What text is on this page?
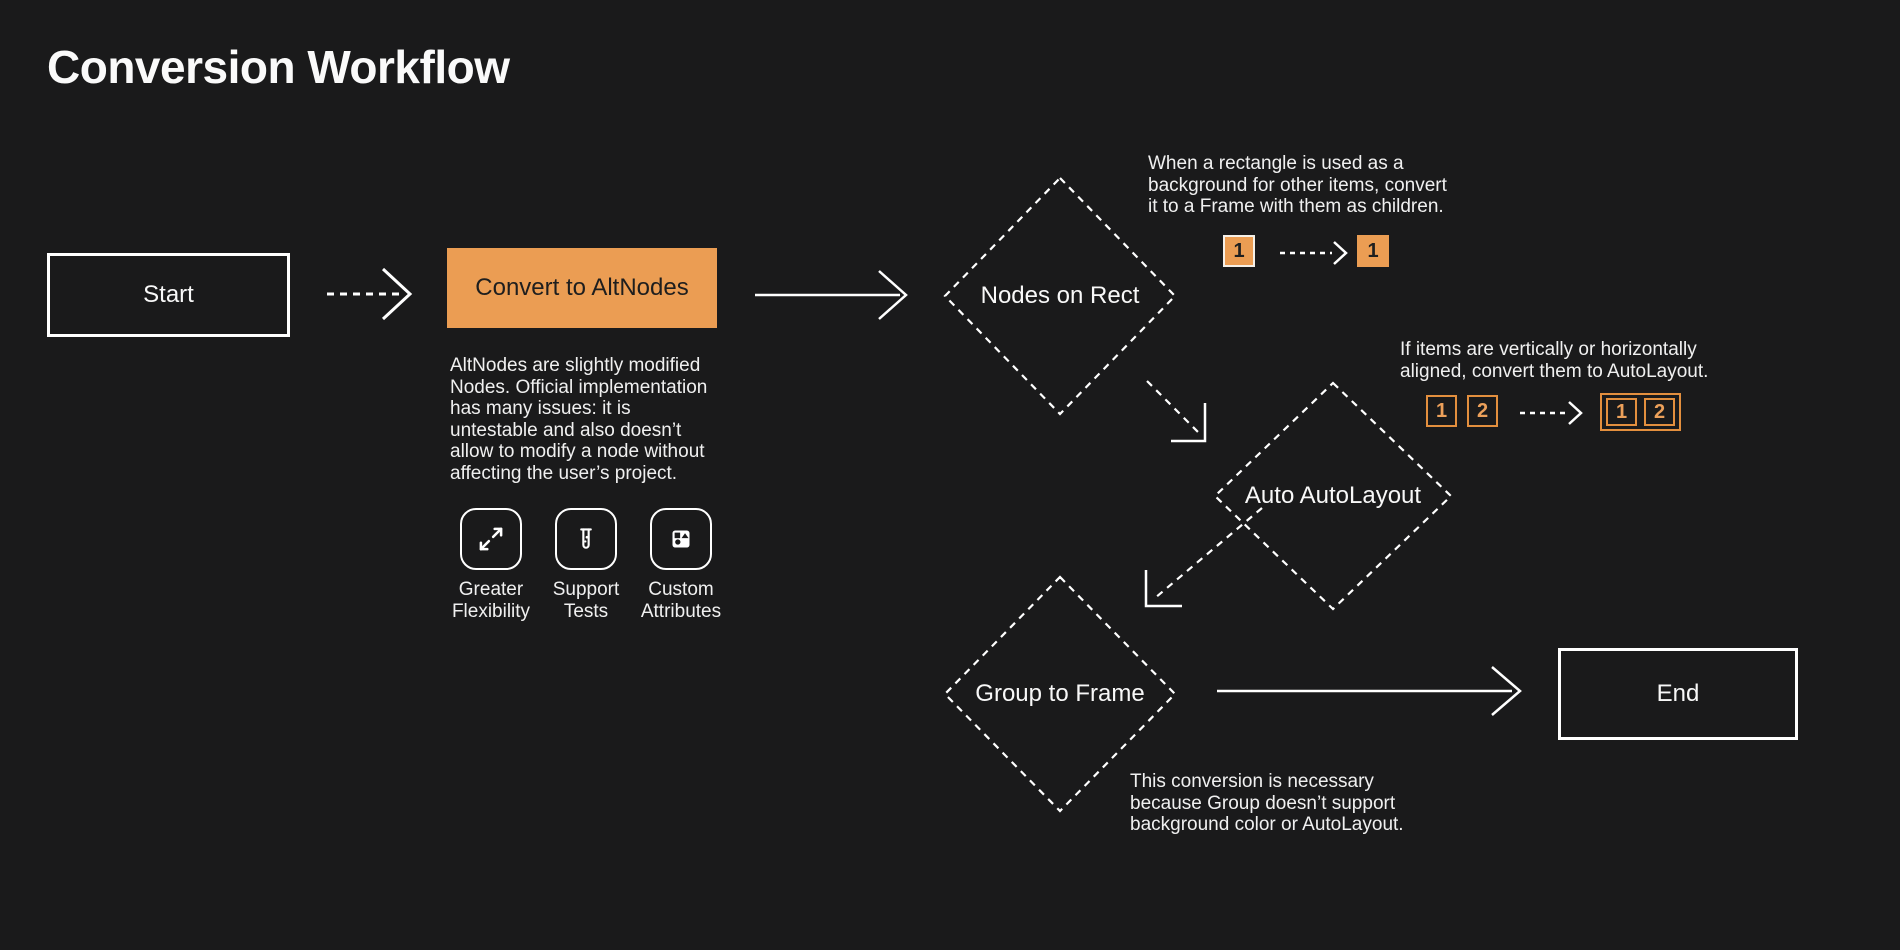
Conversion Workflow
Start	Convert to AltNodes
AltNodes are slightly modified
Nodes. Official implementation
has many issues: it is
untestable and also doesn’t
allow to modify a node without
affecting the user’s project.
Greater
Flexibility
Support
Tests
Custom
Attributes
Nodes on Rect
Auto AutoLayout
Group to Frame
When a rectangle is used as a
background for other items, convert
it to a Frame with them as children.
1	1
If items are vertically or horizontally
aligned, convert them to AutoLayout.
1	2	1	2
This conversion is necessary
because Group doesn’t support
background color or AutoLayout.
End
